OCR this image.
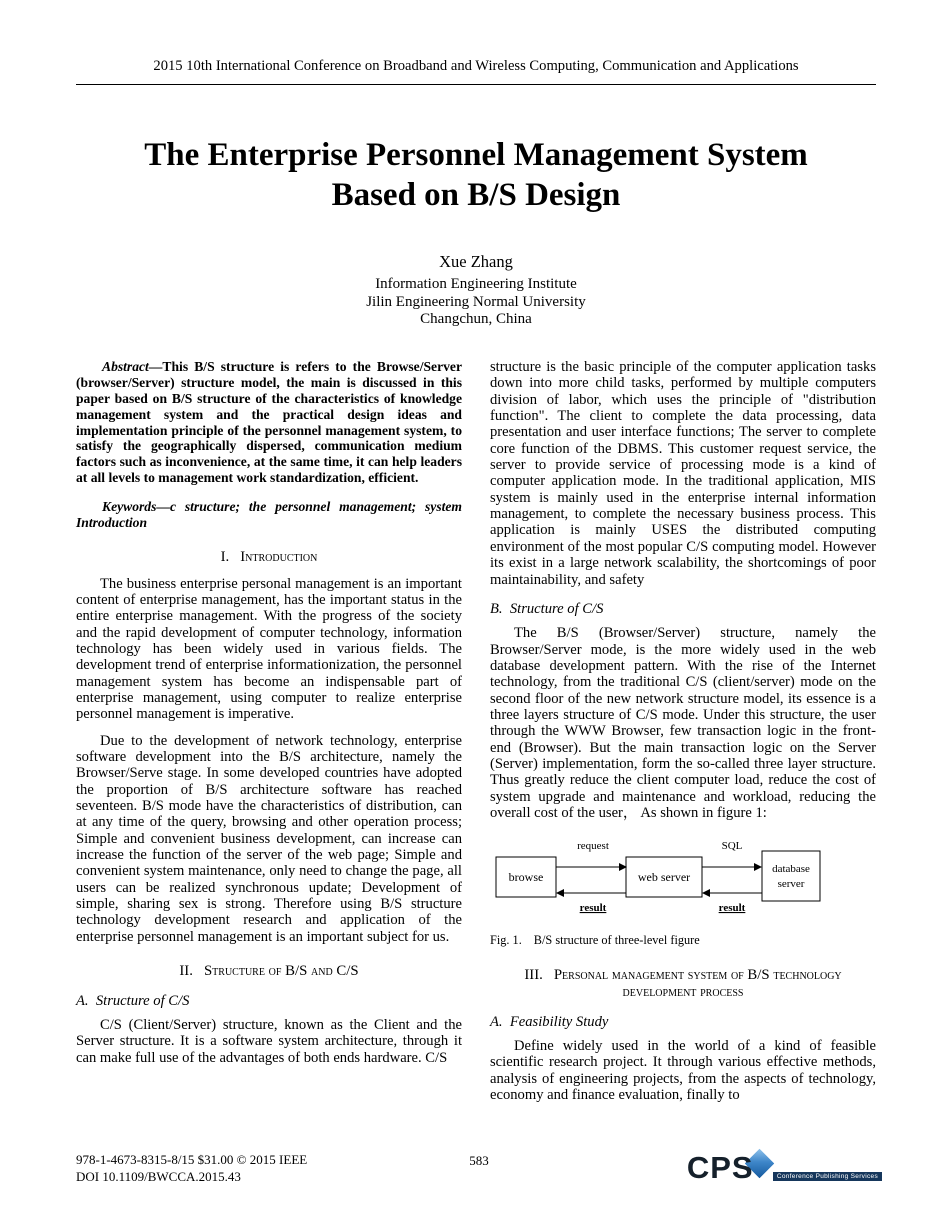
2015 10th International Conference on Broadband and Wireless Computing, Communication and Applications
The Enterprise Personnel Management System Based on B/S Design
Xue Zhang
Information Engineering Institute
Jilin Engineering Normal University
Changchun, China

Abstract—This B/S structure is refers to the Browse/Server (browser/Server) structure model, the main is discussed in this paper based on B/S structure of the characteristics of knowledge management system and the practical design ideas and implementation principle of the personnel management system, to satisfy the geographically dispersed, communication medium factors such as inconvenience, at the same time, it can help leaders at all levels to management work standardization, efficient.

Keywords—c structure; the personnel management; system Introduction

I. Introduction

The business enterprise personal management is an important content of enterprise management, has the important status in the entire enterprise management. With the progress of the society and the rapid development of computer technology, information technology has been widely used in various fields. The development trend of enterprise informationization, the personnel management system has become an indispensable part of enterprise management, using computer to realize enterprise personnel management is imperative.

Due to the development of network technology, enterprise software development into the B/S architecture, namely the Browser/Serve stage. In some developed countries have adopted the proportion of B/S architecture software has reached seventeen. B/S mode have the characteristics of distribution, can at any time of the query, browsing and other operation process; Simple and convenient business development, can increase can increase the function of the server of the web page; Simple and convenient system maintenance, only need to change the page, all users can be realized synchronous update; Development of simple, sharing sex is strong. Therefore using B/S structure technology development research and application of the enterprise personnel management is an important subject for us.

II. Structure of B/S and C/S
A.  Structure of C/S

C/S (Client/Server) structure, known as the Client and the Server structure. It is a software system architecture, through it can make full use of the advantages of both ends hardware. C/S

structure is the basic principle of the computer application tasks down into more child tasks, performed by multiple computers division of labor, which uses the principle of "distribution function". The client to complete the data processing, data presentation and user interface functions; The server to complete core function of the DBMS. This customer request service, the server to provide service of processing mode is a kind of computer application mode. In the traditional application, MIS system is mainly used in the enterprise internal information management, to complete the necessary business process. This application is mainly USES the distributed computing environment of the most popular C/S computing model. However its exist in a large network scalability, the shortcomings of poor maintainability, and safety

B.  Structure of C/S

The B/S (Browser/Server) structure, namely the Browser/Server mode, is the more widely used in the web database development pattern. With the rise of the Internet technology, from the traditional C/S (client/server) mode on the second floor of the new network structure model, its essence is a three layers structure of C/S mode. Under this structure, the user through the WWW Browser, few transaction logic in the front-end (Browser). But the main transaction logic on the Server (Server) implementation, form the so-called three layer structure. Thus greatly reduce the client computer load, reduce the cost of system upgrade and maintenance and workload, reducing the overall cost of the user， As shown in figure 1:

browse	web server
database
server
request
result
SQL
result
Fig. 1. B/S structure of three-level figure
III. Personal management system of B/S technology development process
A.  Feasibility Study

Define widely used in the world of a kind of feasible scientific research project. It through various effective methods, analysis of engineering projects, from the aspects of technology, economy and finance evaluation, finally to

978-1-4673-8315-8/15 $31.00 © 2015 IEEE
DOI 10.1109/BWCCA.2015.43
583	CPS	Conference Publishing Services
